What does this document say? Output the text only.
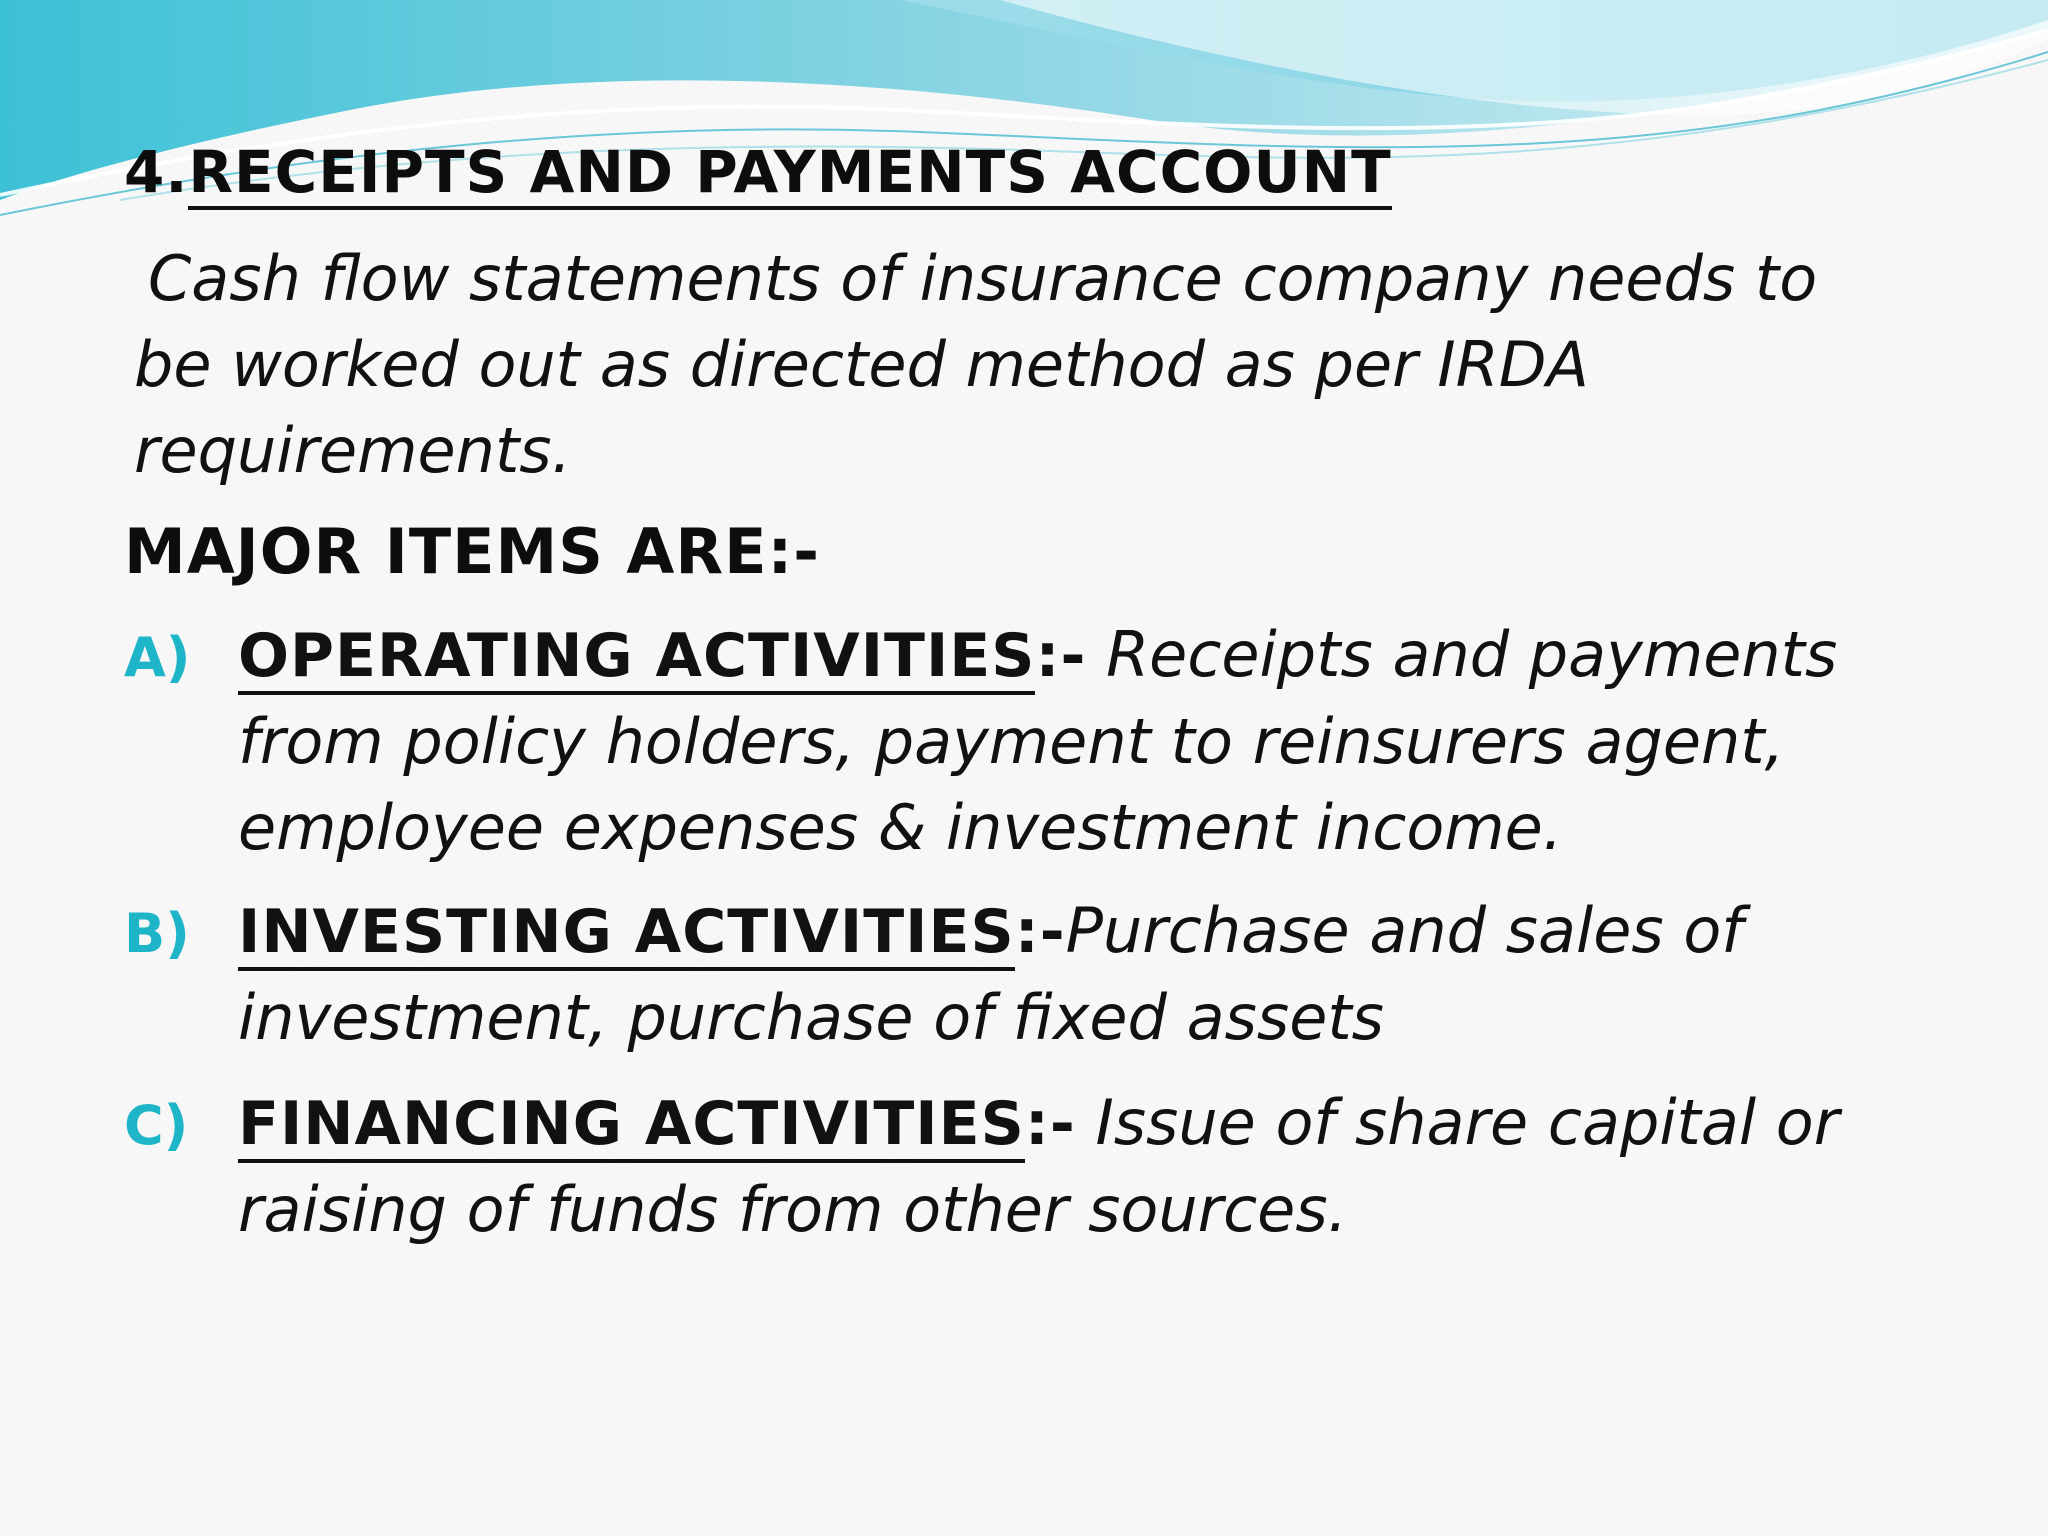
4.RECEIPTS AND PAYMENTS ACCOUNT
Cash flow statements of insurance company needs to be worked out as directed method as per IRDA requirements.
MAJOR ITEMS ARE:-
A) OPERATING ACTIVITIES:- Receipts and payments from policy holders, payment to reinsurers agent, employee expenses & investment income.
B) INVESTING ACTIVITIES:-Purchase and sales of investment, purchase of fixed assets
C) FINANCING ACTIVITIES:- Issue of share capital or raising of funds from other sources.
